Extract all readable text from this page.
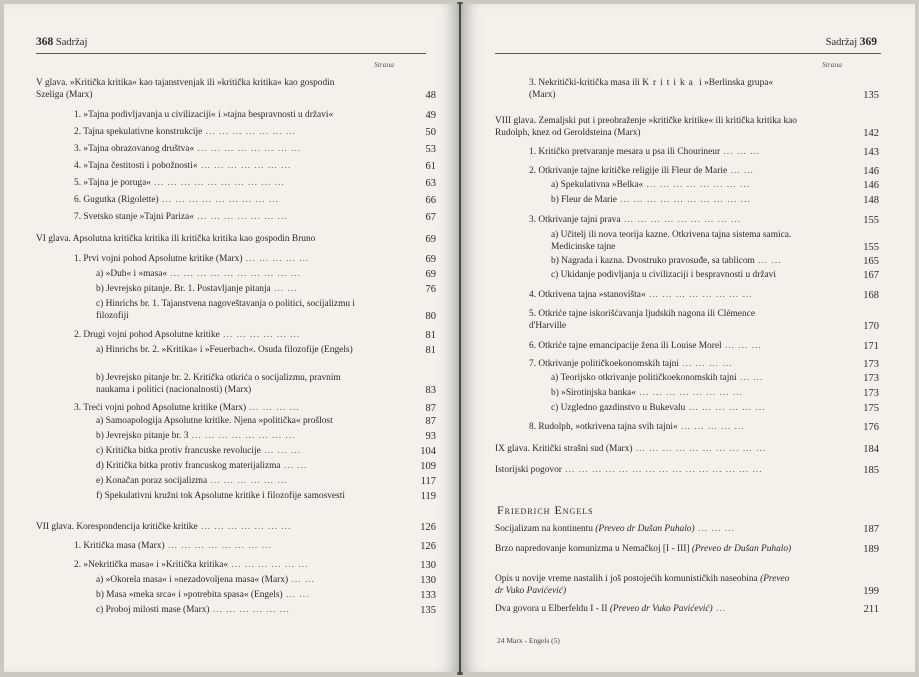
368 Sadržaj
Strana
V glava. »Kritička kritika« kao tajanstvenjak ili »kritička kritika« kao gospodin Szeliga (Marx)	48
1. »Tajna podivljavanja u civilizaciji« i »tajna bespravnosti u državi«	49
2. Tajna spekulativne konstrukcije ... ... ... ... ... ... ...	50
3. »Tajna obrazovanog društva« ... ... ... ... ... ... ... ...	53
4. »Tajna čestitosti i pobožnosti« ... ... ... ... ... ... ...	61
5. »Tajna je poruga« ... ... ... ... ... ... ... ... ... ...	63
6. Gugutka (Rigolette) ... ... ... ... ... ... ... ... ...	66
7. Svetsko stanje »Tajni Pariza« ... ... ... ... ... ... ...	67
VI glava. Apsolutna kritička kritika ili kritička kritika kao gospodin Bruno	69
1. Prvi vojni pohod Apsolutne kritike (Marx) ... ... ... ... ...	69
a) »Duh« i »masa« ... ... ... ... ... ... ... ... ... ...	69
b) Jevrejsko pitanje. Br. 1. Postavljanje pitanja ... ...	76
c) Hinrichs br. 1. Tajanstvena nagoveštavanja o politici, socijalizmu i filozofiji	80
2. Drugi vojni pohod Apsolutne kritike ... ... ... ... ... ...	81
a) Hinrichs br. 2. »Kritika« i »Feuerbach«. Osuda filozofije (Engels)	81
b) Jevrejsko pitanje br. 2. Kritička otkrića o socijalizmu, pravnim naukama i politici (nacionalnosti) (Marx)	83
3. Treći vojni pohod Apsolutne kritike (Marx) ... ... ... ...	87
a) Samoapologija Apsolutne kritike. Njena »politička« prošlost	87
b) Jevrejsko pitanje br. 3 ... ... ... ... ... ... ... ...	93
c) Kritička bitka protiv francuske revolucije ... ... ...	104
d) Kritička bitka protiv francuskog materijalizma ... ...	109
e) Konačan poraz socijalizma ... ... ... ... ... ...	117
f) Spekulativni kružni tok Apsolutne kritike i filozofije samosvesti	119
VII glava. Korespondencija kritičke kritike ... ... ... ... ... ... ...	126
1. Kritička masa (Marx) ... ... ... ... ... ... ... ...	126
2. »Nekritička masa« i »Kritička kritika« ... ... ... ... ... ...	130
a) »Okorela masa« i »nezadovoljena masa« (Marx) ... ...	130
b) Masa »meka srca« i »potrebita spasa« (Engels) ... ...	133
c) Proboj milosti mase (Marx) ... ... ... ... ... ...	135
Sadržaj 369
Strana
3. Nekritički-kritička masa ili Kritika i »Berlinska grupa« (Marx)	135
VIII glava. Zemaljski put i preobraženje »kritičke kritike« ili kritička kritika kao Rudolph, knez od Geroldsteina (Marx)	142
1. Kritičko pretvaranje mesara u psa ili Chourineur ... ... ...	143
2. Otkrivanje tajne kritičke religije ili Fleur de Marie ... ...	146
a) Spekulativna »Belka« ... ... ... ... ... ... ... ...	146
b) Fleur de Marie ... ... ... ... ... ... ... ... ... ...	148
3. Otkrivanje tajni prava ... ... ... ... ... ... ... ... ...	155
a) Učitelj ili nova teorija kazne. Otkrivena tajna sistema samica. Medicinske tajne	155
b) Nagrada i kazna. Dvostruko pravosuđe, sa tablicom ... ...	165
c) Ukidanje podivljanja u civilizaciji i bespravnosti u državi	167
4. Otkrivena tajna »stanovišta« ... ... ... ... ... ... ... ...	168
5. Otkriće tajne iskorišćavanja ljudskih nagona ili Clémence d'Harville	170
6. Otkriće tajne emancipacije žena ili Louise Morel ... ... ...	171
7. Otkrivanje političkoekonomskih tajni ... ... ... ...	173
a) Teorijsko otkrivanje političkoekonomskih tajni ... ...	173
b) »Sirotinjska banka« ... ... ... ... ... ... ... ...	173
c) Uzgledno gazdinstvo u Bukevalu ... ... ... ... ... ...	175
8. Rudolph, »otkrivena tajna svih tajni« ... ... ... ... ...	176
IX glava. Kritički strašni sud (Marx) ... ... ... ... ... ... ... ... ... ...	184
Istorijski pogovor ... ... ... ... ... ... ... ... ... ... ... ... ... ... ...	185
Friedrich Engels
Socijalizam na kontinentu (Preveo dr Dušan Puhalo) ... ... ...	187
Brzo napredovanje komunizma u Nemačkoj [I - III] (Preveo dr Dušan Puhalo)	189
Opis u novije vreme nastalih i još postojećih komunističkih naseobina (Preveo dr Vuko Pavićević)	199
Dva govora u Elberfeldu I - II (Preveo dr Vuko Pavićević) ...	211
24 Marx - Engels (5)
